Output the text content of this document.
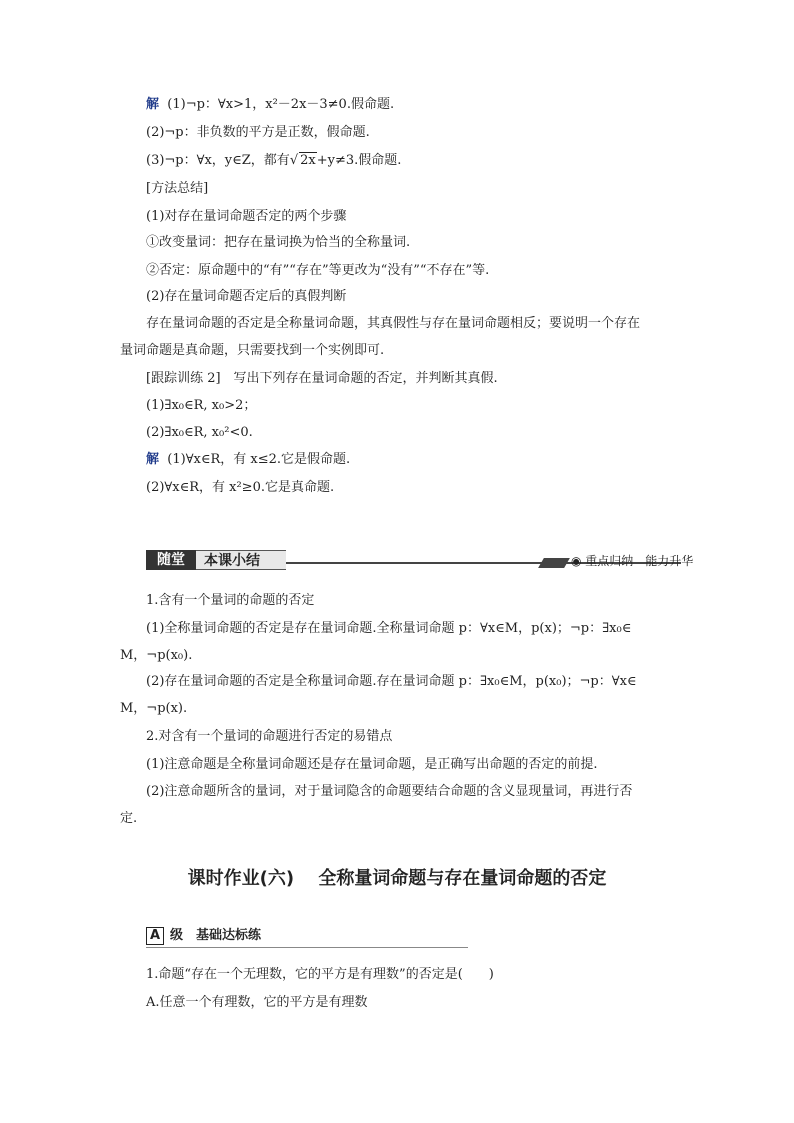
解 (1)¬p：∀x>1，x²－2x－3≠0.假命题.
(2)¬p：非负数的平方是正数，假命题.
(3)¬p：∀x，y∈Z，都有√ 2x+y≠3.假命题.
[方法总结]
(1)对存在量词命题否定的两个步骤
①改变量词：把存在量词换为恰当的全称量词.
②否定：原命题中的“有”“存在”等更改为“没有”“不存在”等.
(2)存在量词命题否定后的真假判断
存在量词命题的否定是全称量词命题，其真假性与存在量词命题相反；要说明一个存在
量词命题是真命题，只需要找到一个实例即可.
[跟踪训练 2]　写出下列存在量词命题的否定，并判断其真假.
(1)∃x₀∈R, x₀>2；
(2)∃x₀∈R, x₀²<0.
解 (1)∀x∈R，有 x≤2.它是假命题.
(2)∀x∈R，有 x²≥0.它是真命题.
随堂	本课小结	◉ 重点归纳　能力升华
1.含有一个量词的命题的否定
(1)全称量词命题的否定是存在量词命题.全称量词命题 p：∀x∈M，p(x)；¬p：∃x₀∈
M，¬p(x₀).
(2)存在量词命题的否定是全称量词命题.存在量词命题 p：∃x₀∈M，p(x₀)；¬p：∀x∈
M，¬p(x).
2.对含有一个量词的命题进行否定的易错点
(1)注意命题是全称量词命题还是存在量词命题，是正确写出命题的否定的前提.
(2)注意命题所含的量词，对于量词隐含的命题要结合命题的含义显现量词，再进行否
定.
课时作业(六)　 全称量词命题与存在量词命题的否定
A 级　基础达标练
1.命题“存在一个无理数，它的平方是有理数”的否定是(　　)
A.任意一个有理数，它的平方是有理数
